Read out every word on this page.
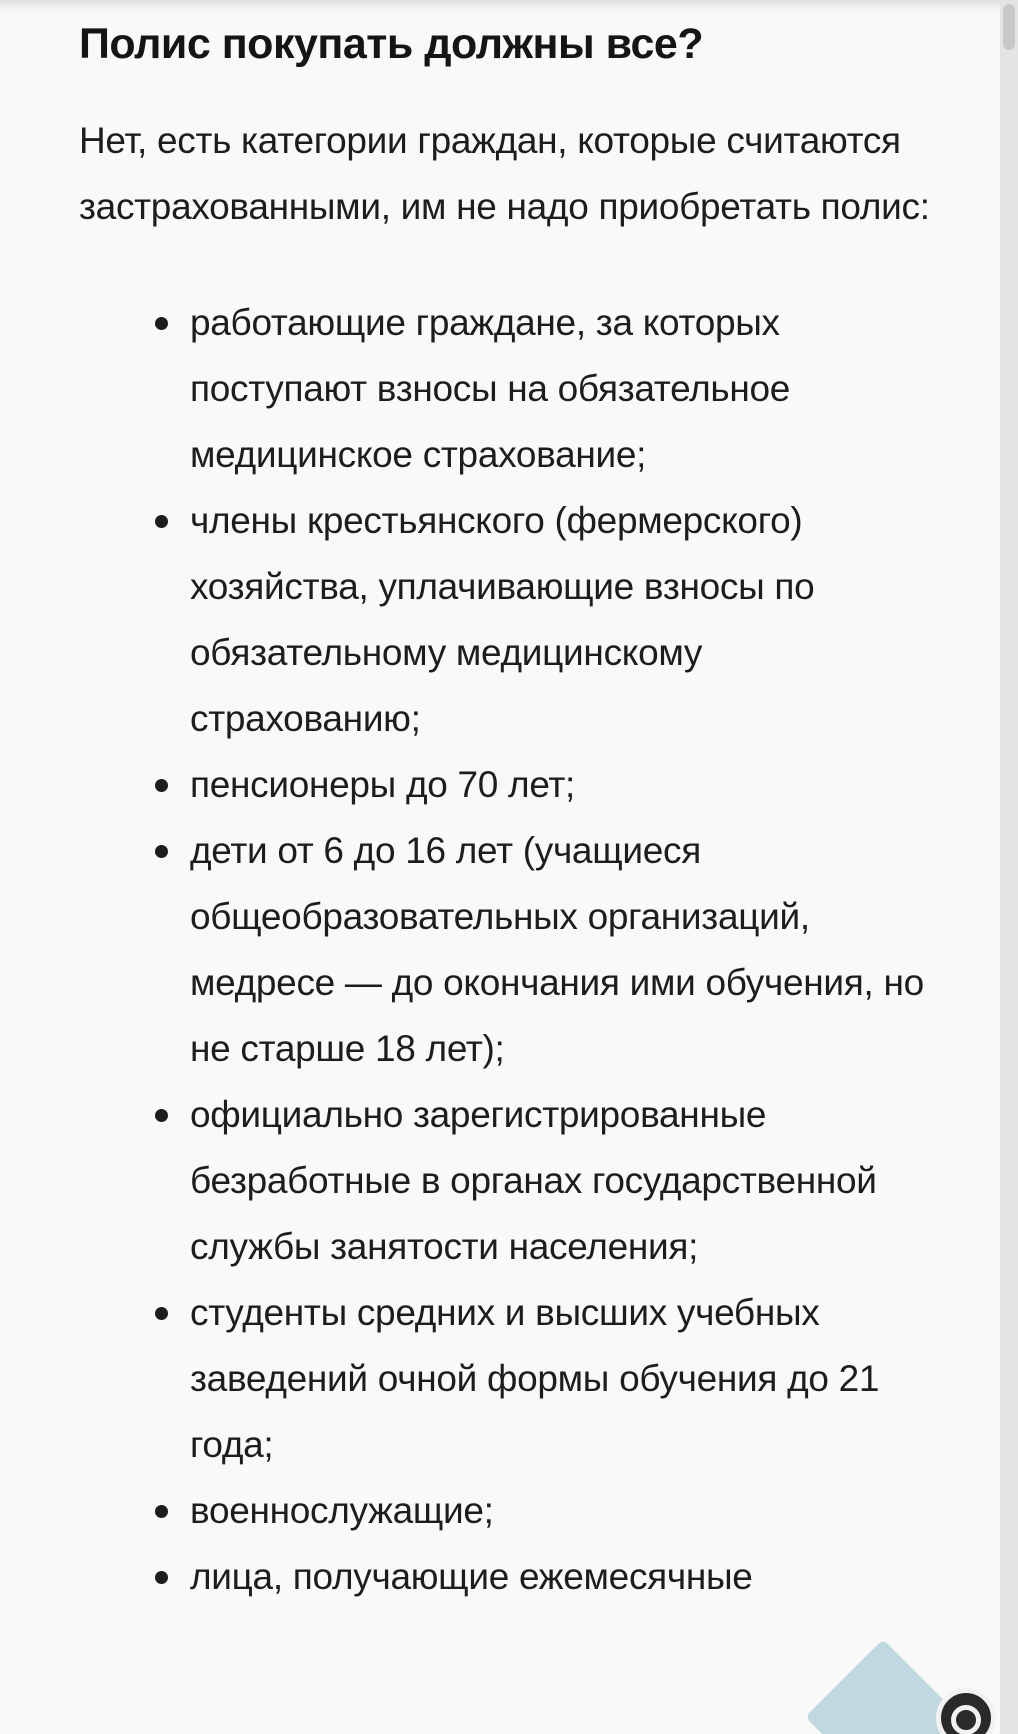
Полис покупать должны все?

Нет, есть категории граждан, которые считаются застрахованными, им не надо приобретать полис:

работающие граждане, за которых поступают взносы на обязательное медицинское страхование;
члены крестьянского (фермерского) хозяйства, уплачивающие взносы по обязательному медицинскому страхованию;
пенсионеры до 70 лет;
дети от 6 до 16 лет (учащиеся общеобразовательных организаций, медресе — до окончания ими обучения, но не старше 18 лет);
официально зарегистрированные безработные в органах государственной службы занятости населения;
студенты средних и высших учебных заведений очной формы обучения до 21 года;
военнослужащие;
лица, получающие ежемесячные
